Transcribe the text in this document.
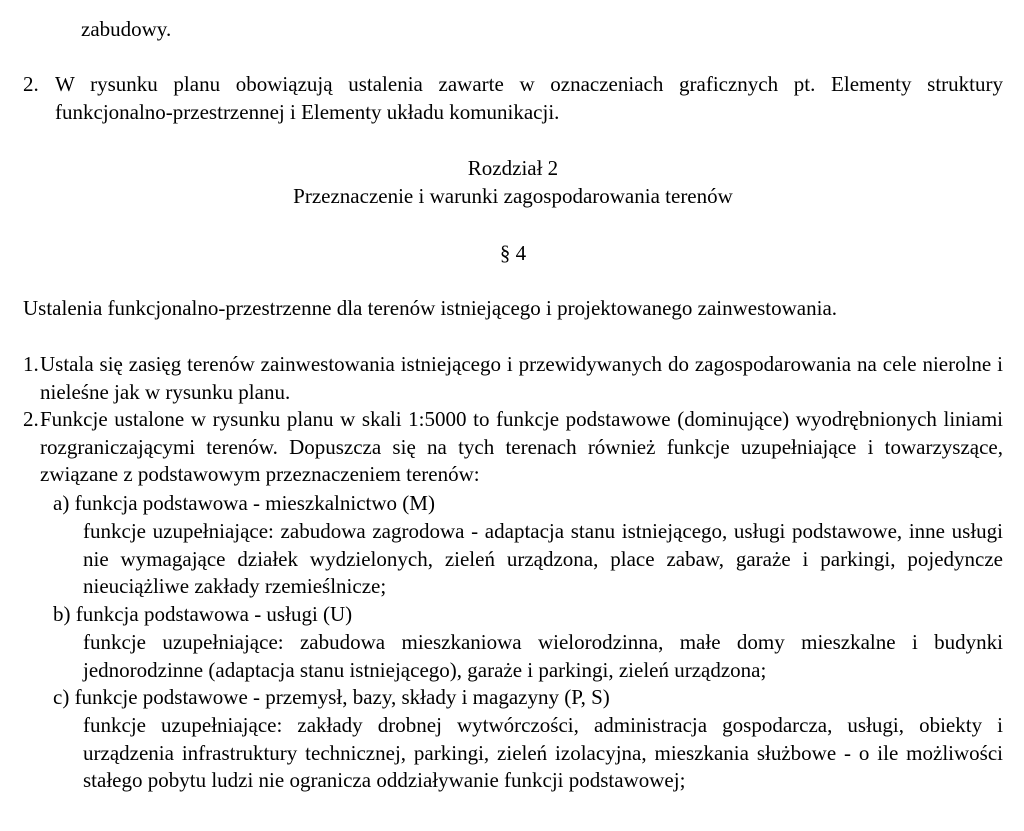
zabudowy.

2. W rysunku planu obowiązują ustalenia zawarte w oznaczeniach graficznych pt. Elementy struktury funkcjonalno-przestrzennej i Elementy układu komunikacji.

Rozdział 2

Przeznaczenie i warunki zagospodarowania terenów

§ 4

Ustalenia funkcjonalno-przestrzenne dla terenów istniejącego i projektowanego zainwestowania.

1. Ustala się zasięg terenów zainwestowania istniejącego i przewidywanych do zagospodarowania na cele nierolne i nieleśne jak w rysunku planu.

2. Funkcje ustalone w rysunku planu w skali 1:5000 to funkcje podstawowe (dominujące) wyodrębnionych liniami rozgraniczającymi terenów. Dopuszcza się na tych terenach również funkcje uzupełniające i towarzyszące, związane z podstawowym przeznaczeniem terenów:

a) funkcja podstawowa - mieszkalnictwo (M)

funkcje uzupełniające: zabudowa zagrodowa - adaptacja stanu istniejącego, usługi podstawowe, inne usługi nie wymagające działek wydzielonych, zieleń urządzona, place zabaw, garaże i parkingi, pojedyncze nieuciążliwe zakłady rzemieślnicze;

b) funkcja podstawowa - usługi (U)

funkcje uzupełniające: zabudowa mieszkaniowa wielorodzinna, małe domy mieszkalne i budynki jednorodzinne (adaptacja stanu istniejącego), garaże i parkingi, zieleń urządzona;

c) funkcje podstawowe - przemysł, bazy, składy i magazyny (P, S)

funkcje uzupełniające: zakłady drobnej wytwórczości, administracja gospodarcza, usługi, obiekty i urządzenia infrastruktury technicznej, parkingi, zieleń izolacyjna, mieszkania służbowe - o ile możliwości stałego pobytu ludzi nie ogranicza oddziaływanie funkcji podstawowej;
